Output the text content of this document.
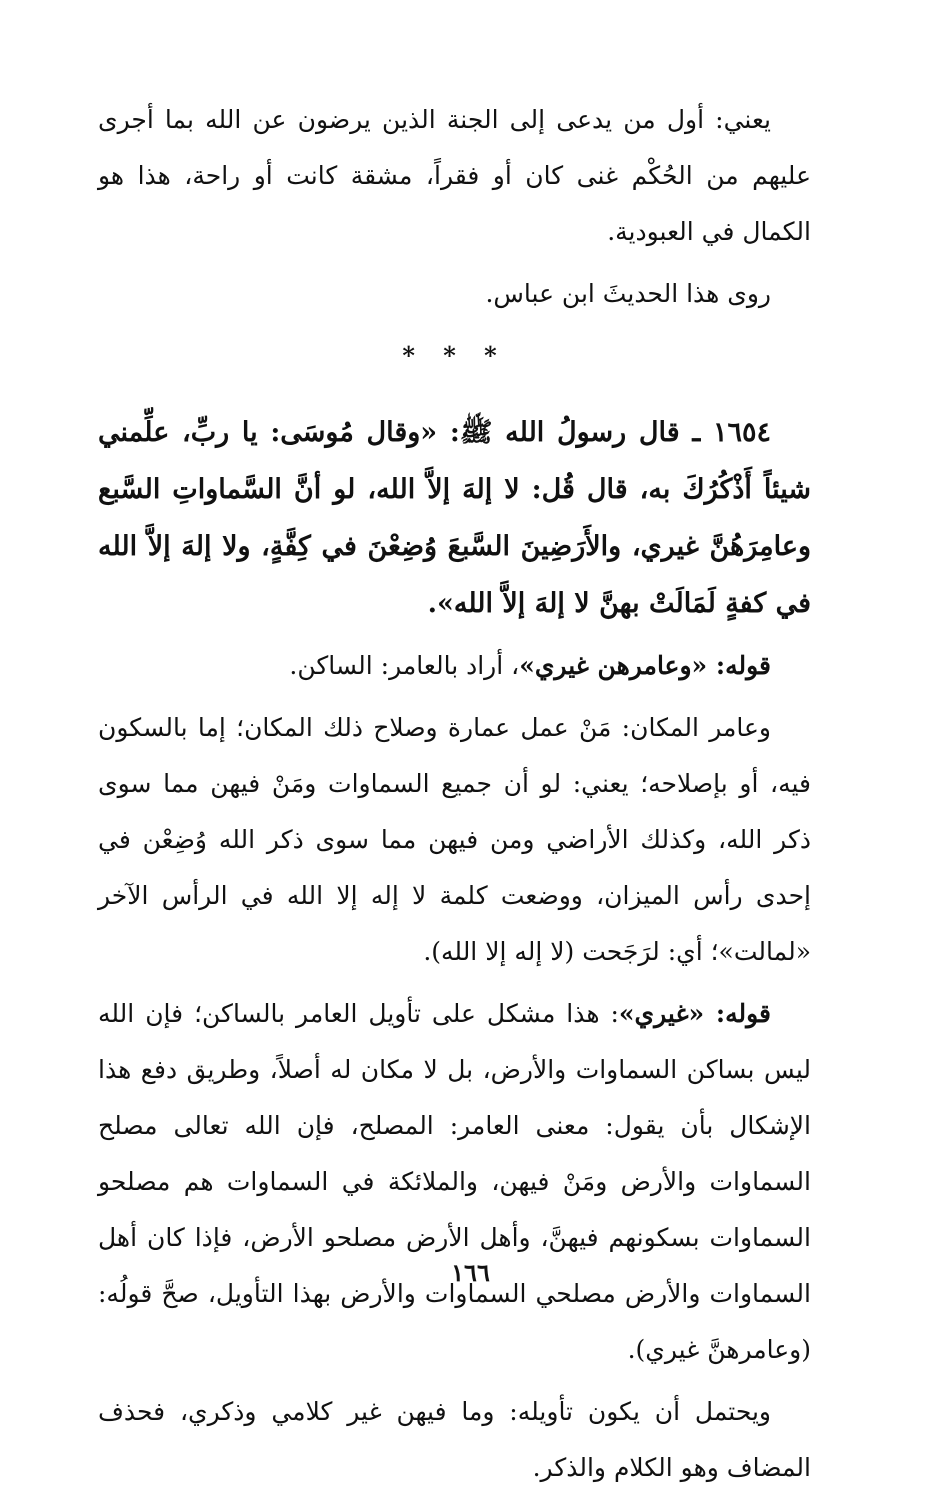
يعني: أول من يدعى إلى الجنة الذين يرضون عن الله بما أجرى عليهم من الحُكْم غنى كان أو فقراً، مشقة كانت أو راحة، هذا هو الكمال في العبودية.

روى هذا الحديثَ ابن عباس.

* * *

١٦٥٤ ـ قال رسولُ الله ﷺ: «وقال مُوسَى: يا ربِّ، علِّمني شيئاً أَذْكُرُكَ به، قال قُل: لا إلهَ إلاَّ الله، لو أنَّ السَّماواتِ السَّبع وعامِرَهُنَّ غيري، والأَرَضِينَ السَّبعَ وُضِعْنَ في كِفَّةٍ، ولا إلهَ إلاَّ الله في كفةٍ لَمَالَتْ بهنَّ لا إلهَ إلاَّ الله».

قوله: «وعامرهن غيري»، أراد بالعامر: الساكن.

وعامر المكان: مَنْ عمل عمارة وصلاح ذلك المكان؛ إما بالسكون فيه، أو بإصلاحه؛ يعني: لو أن جميع السماوات ومَنْ فيهن مما سوى ذكر الله، وكذلك الأراضي ومن فيهن مما سوى ذكر الله وُضِعْن في إحدى رأس الميزان، ووضعت كلمة لا إله إلا الله في الرأس الآخر «لمالت»؛ أي: لرَجَحت (لا إله إلا الله).

قوله: «غيري»: هذا مشكل على تأويل العامر بالساكن؛ فإن الله ليس بساكن السماوات والأرض، بل لا مكان له أصلاً، وطريق دفع هذا الإشكال بأن يقول: معنى العامر: المصلح، فإن الله تعالى مصلح السماوات والأرض ومَنْ فيهن، والملائكة في السماوات هم مصلحو السماوات بسكونهم فيهنَّ، وأهل الأرض مصلحو الأرض، فإذا كان أهل السماوات والأرض مصلحي السماوات والأرض بهذا التأويل، صحَّ قولُه: (وعامرهنَّ غيري).

ويحتمل أن يكون تأويله: وما فيهن غير كلامي وذكري، فحذف المضاف وهو الكلام والذكر.

١٦٦
